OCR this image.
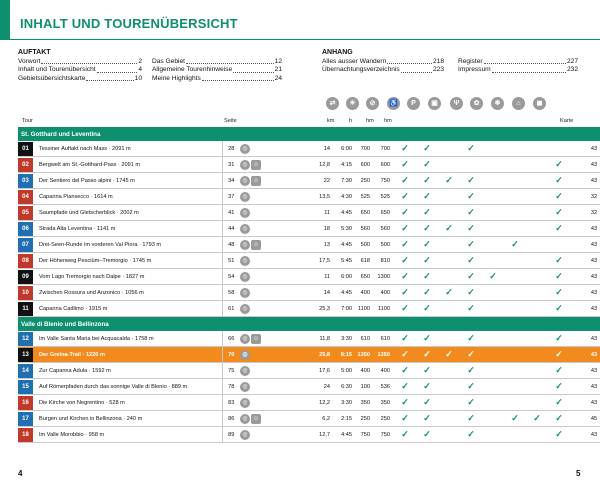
INHALT UND TOURENÜBERSICHT
AUFTAKT
Vorwort	2
Inhalt und Tourenübersicht	4
Gebietsübersichtskarte	10
Das Gebiet	12
Allgemeine Tourenhinweise	21
Meine Highlights	24
ANHANG
Alles ausser Wandern	218
Übernachtungsverzeichnis	223
Register	227
Impressum	232
⇄	☀	⊘	♿	P	▣	Ψ	✿	❄	⌂	◼
Tour	Seite	km	h hm hm	Karte
St. Gotthard und Leventina																	

01	Tessiner Auftakt nach Mass · 2091 m	28	◎	14	6:00	700	700	✓	✓		✓						43

02	Bergwelt am St.-Gotthard-Pass · 2091 m	31	◎ ☺	12,8	4:15	600	600	✓	✓						✓		43

03	Der Sentiero del Passo alpini · 1745 m	34	◎ ☺	22	7:30	250	750	✓	✓	✓	✓				✓		43

04	Capanna Piansecco · 1614 m	37	◎	13,5	4:30	525	525	✓	✓		✓				✓		32

05	Saumpfade und Gletscherblick · 2002 m	41	◎	11	4:45	650	650	✓	✓		✓				✓		32

06	Strada Alta Leventina · 1141 m	44	◎	18	5:30	560	560	✓	✓	✓	✓				✓		43

07	Drei-Seen-Runde im vorderen Val Piora · 1793 m	48	◎ ☺	13	4:45	500	500	✓	✓		✓		✓				43

08	Der Höhenweg Pesciüm–Tremorgio · 1745 m	51	◎	17,5	5:45	618	810	✓	✓		✓				✓		43

09	Vom Lago Tremorgio nach Dalpe · 1827 m	54	◎	11	6:00	650	1300	✓	✓		✓	✓			✓		43

10	Zwischen Rossura und Anzonico · 1056 m	58	◎	14	4:45	400	400	✓	✓	✓	✓				✓		43

11	Capanna Cadlimo · 1915 m	61	◎	25,3	7:00	1100	1100	✓	✓		✓				✓		43
Valle di Blenio und Bellinzona																	

12	Im Valle Santa Maria bei Acquacalda · 1758 m	66	◎ ☺	11,8	3:30	610	610	✓	✓		✓				✓		43

13	Der Greina-Trail · 1220 m	70	◎	25,8	8:15	1350	1350	✓	✓	✓	✓				✓		43

14	Zur Capanna Adula · 1592 m	75	◎	17,6	5:00	400	400	✓	✓		✓				✓		43

15	Auf Römerpfaden durch das sonnige Valle di Blenio · 889 m	78	◎	24	6:30	100	536	✓	✓		✓				✓		43

16	Die Kirche von Negrentino · 528 m	83	◎	12,2	3:30	350	350	✓	✓		✓				✓		43

17	Burgen und Kirchen in Bellinzona · 240 m	86	◎ ☺	6,2	2:15	250	250	✓	✓		✓		✓	✓	✓		45

18	Im Valle Morobbio · 958 m	89	◎	12,7	4:45	750	750	✓	✓		✓				✓		43
4	5
